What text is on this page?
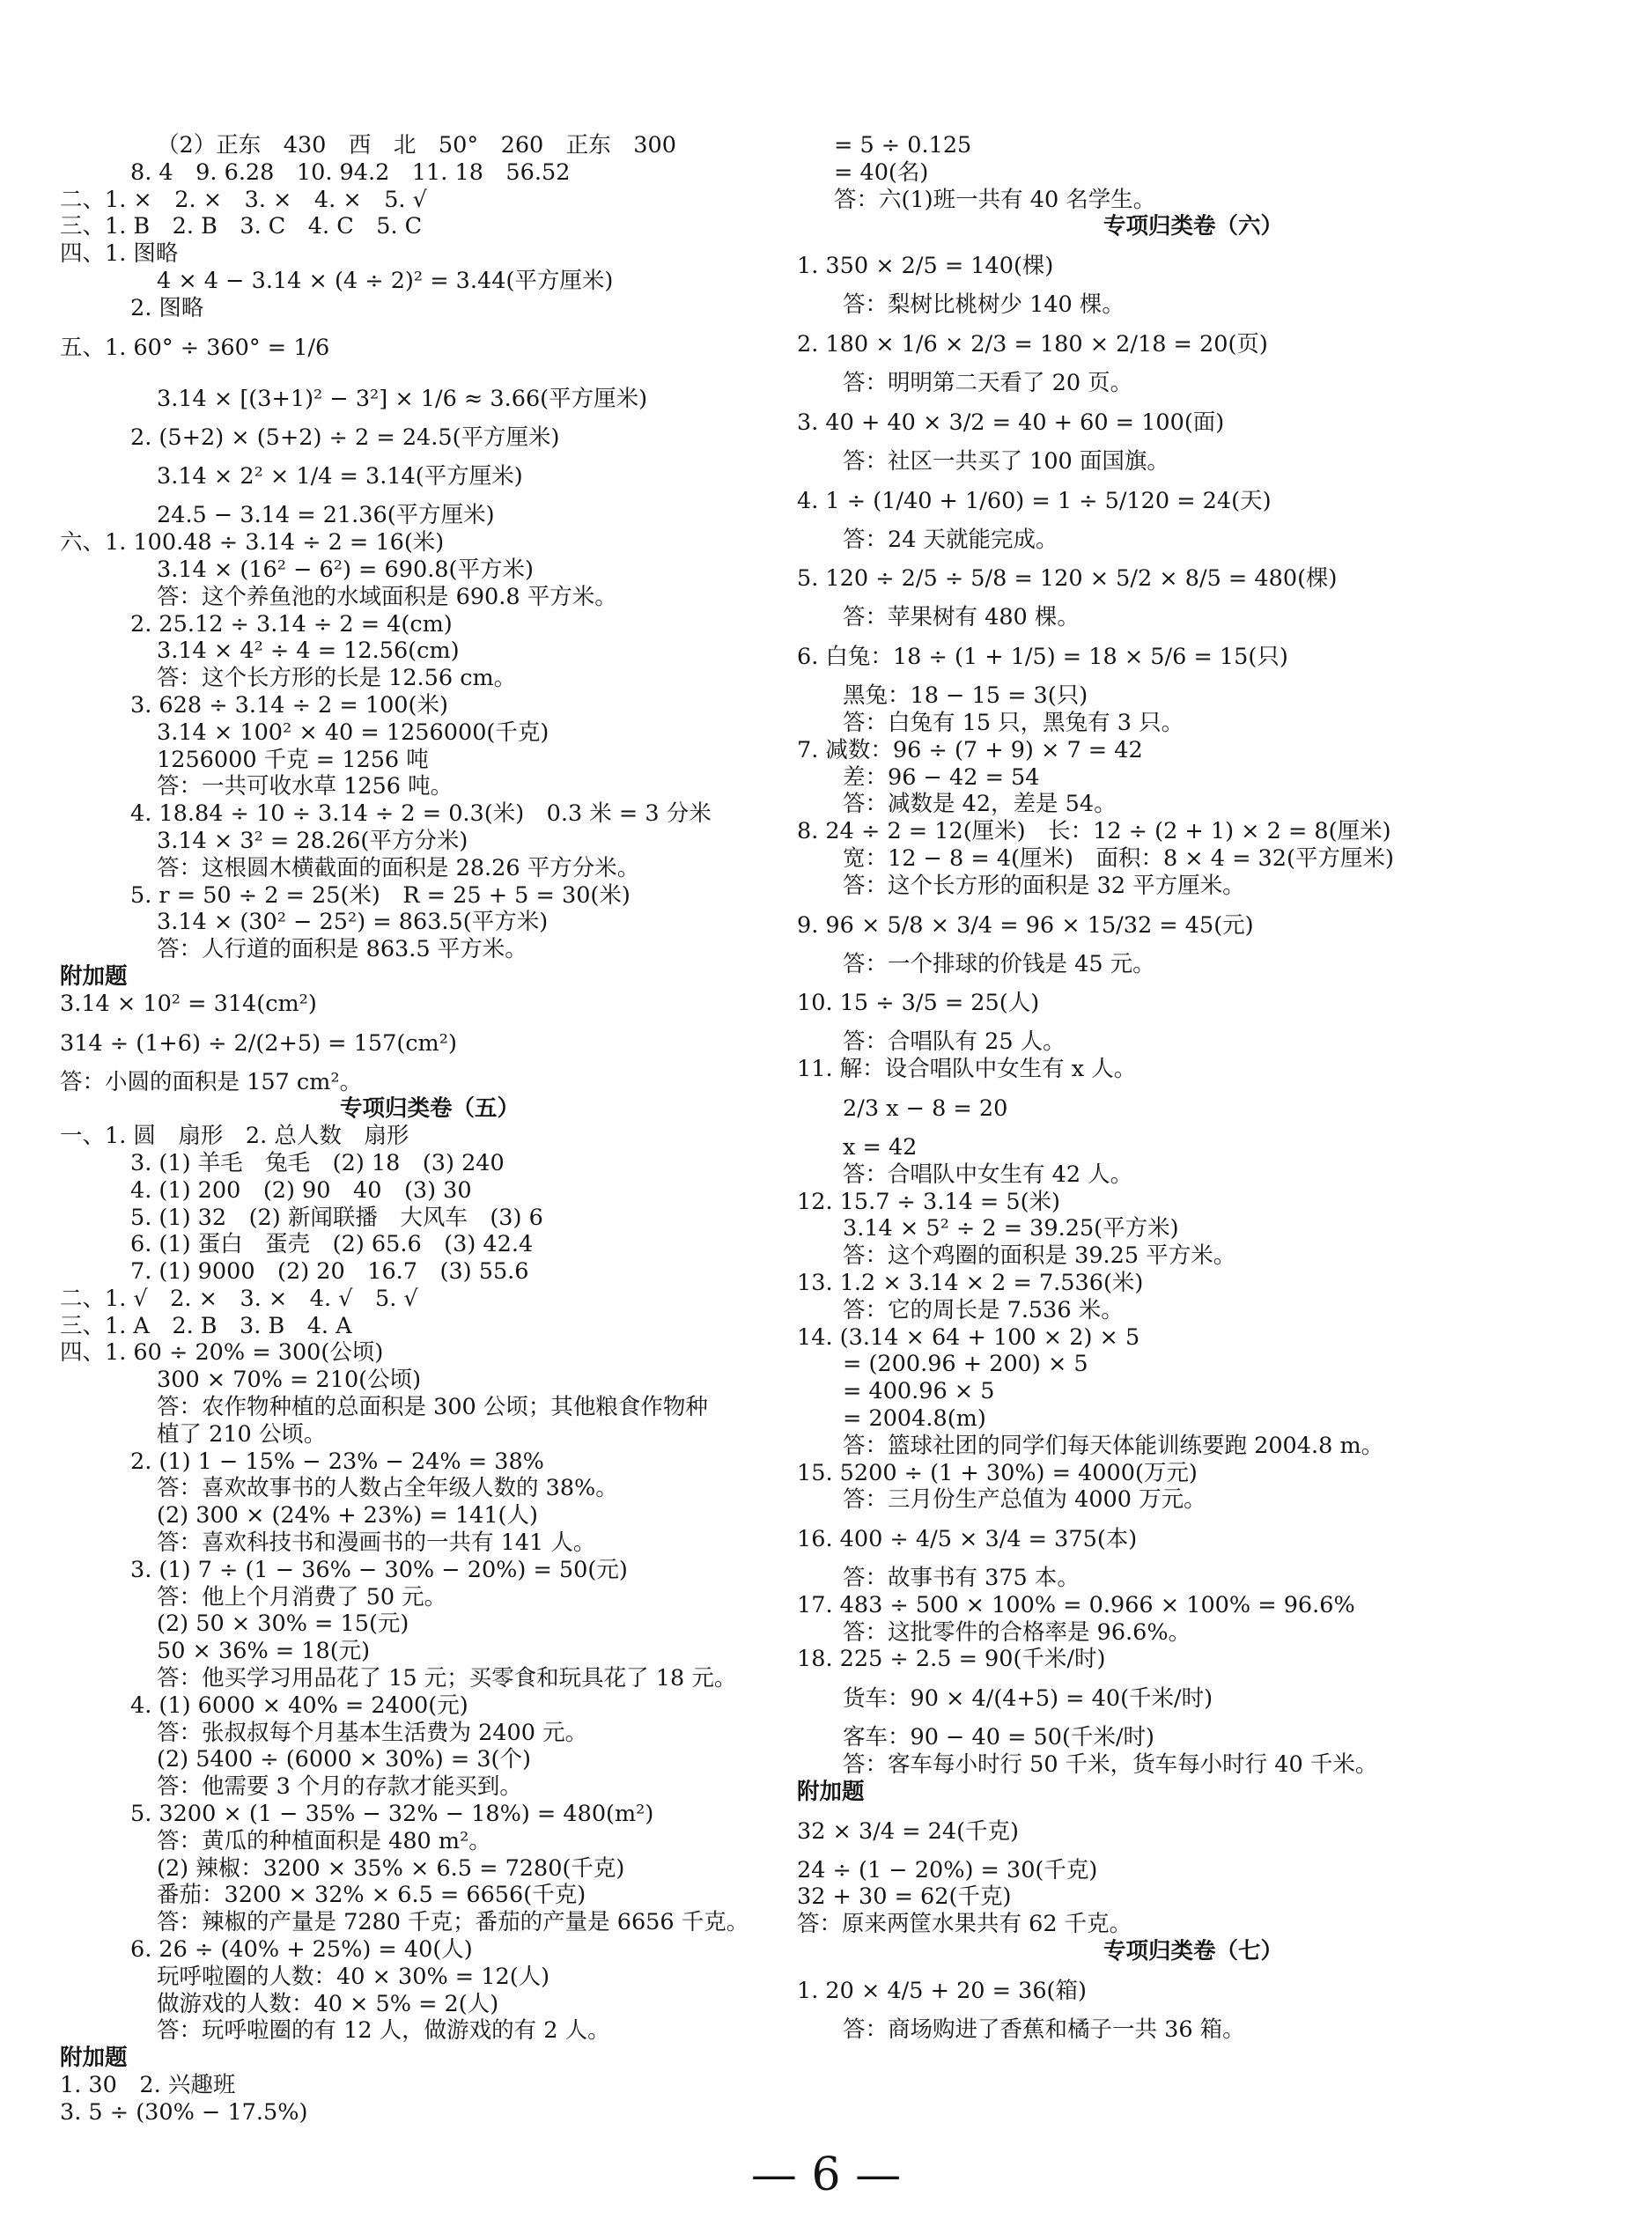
（2）正东　430　西　北　50°　260　正东　300
8. 4　9. 6.28　10. 94.2　11. 18　56.52
二、1. ×　2. ×　3. ×　4. ×　5. √
三、1. B　2. B　3. C　4. C　5. C
四、1. 图略
4 × 4 − 3.14 × (4 ÷ 2)² = 3.44(平方厘米)
2. 图略
五、1. 60° ÷ 360° = 1/6
3.14 × [(3+1)² − 3²] × 1/6 ≈ 3.66(平方厘米)
2. (5+2) × (5+2) ÷ 2 = 24.5(平方厘米)
3.14 × 2² × 1/4 = 3.14(平方厘米)
24.5 − 3.14 = 21.36(平方厘米)
六、1. 100.48 ÷ 3.14 ÷ 2 = 16(米)
3.14 × (16² − 6²) = 690.8(平方米)
答：这个养鱼池的水域面积是 690.8 平方米。
2. 25.12 ÷ 3.14 ÷ 2 = 4(cm)
3.14 × 4² ÷ 4 = 12.56(cm)
答：这个长方形的长是 12.56 cm。
3. 628 ÷ 3.14 ÷ 2 = 100(米)
3.14 × 100² × 40 = 1256000(千克)
1256000 千克 = 1256 吨
答：一共可收水草 1256 吨。
4. 18.84 ÷ 10 ÷ 3.14 ÷ 2 = 0.3(米)　0.3 米 = 3 分米
3.14 × 3² = 28.26(平方分米)
答：这根圆木横截面的面积是 28.26 平方分米。
5. r = 50 ÷ 2 = 25(米)　R = 25 + 5 = 30(米)
3.14 × (30² − 25²) = 863.5(平方米)
答：人行道的面积是 863.5 平方米。
附加题
3.14 × 10² = 314(cm²)
314 ÷ (1+6) ÷ 2/(2+5) = 157(cm²)
答：小圆的面积是 157 cm²。
专项归类卷（五）
一、1. 圆　扇形　2. 总人数　扇形
3. (1) 羊毛　兔毛　(2) 18　(3) 240
4. (1) 200　(2) 90　40　(3) 30
5. (1) 32　(2) 新闻联播　大风车　(3) 6
6. (1) 蛋白　蛋壳　(2) 65.6　(3) 42.4
7. (1) 9000　(2) 20　16.7　(3) 55.6
二、1. √　2. ×　3. ×　4. √　5. √
三、1. A　2. B　3. B　4. A
四、1. 60 ÷ 20% = 300(公顷)
300 × 70% = 210(公顷)
答：农作物种植的总面积是 300 公顷；其他粮食作物种
植了 210 公顷。
2. (1) 1 − 15% − 23% − 24% = 38%
答：喜欢故事书的人数占全年级人数的 38%。
(2) 300 × (24% + 23%) = 141(人)
答：喜欢科技书和漫画书的一共有 141 人。
3. (1) 7 ÷ (1 − 36% − 30% − 20%) = 50(元)
答：他上个月消费了 50 元。
(2) 50 × 30% = 15(元)
50 × 36% = 18(元)
答：他买学习用品花了 15 元；买零食和玩具花了 18 元。
4. (1) 6000 × 40% = 2400(元)
答：张叔叔每个月基本生活费为 2400 元。
(2) 5400 ÷ (6000 × 30%) = 3(个)
答：他需要 3 个月的存款才能买到。
5. 3200 × (1 − 35% − 32% − 18%) = 480(m²)
答：黄瓜的种植面积是 480 m²。
(2) 辣椒：3200 × 35% × 6.5 = 7280(千克)
番茄：3200 × 32% × 6.5 = 6656(千克)
答：辣椒的产量是 7280 千克；番茄的产量是 6656 千克。
6. 26 ÷ (40% + 25%) = 40(人)
玩呼啦圈的人数：40 × 30% = 12(人)
做游戏的人数：40 × 5% = 2(人)
答：玩呼啦圈的有 12 人，做游戏的有 2 人。
附加题
1. 30　2. 兴趣班
3. 5 ÷ (30% − 17.5%)
= 5 ÷ 0.125
= 40(名)
答：六(1)班一共有 40 名学生。
专项归类卷（六）
1. 350 × 2/5 = 140(棵)
答：梨树比桃树少 140 棵。
2. 180 × 1/6 × 2/3 = 180 × 2/18 = 20(页)
答：明明第二天看了 20 页。
3. 40 + 40 × 3/2 = 40 + 60 = 100(面)
答：社区一共买了 100 面国旗。
4. 1 ÷ (1/40 + 1/60) = 1 ÷ 5/120 = 24(天)
答：24 天就能完成。
5. 120 ÷ 2/5 ÷ 5/8 = 120 × 5/2 × 8/5 = 480(棵)
答：苹果树有 480 棵。
6. 白兔：18 ÷ (1 + 1/5) = 18 × 5/6 = 15(只)
黑兔：18 − 15 = 3(只)
答：白兔有 15 只，黑兔有 3 只。
7. 减数：96 ÷ (7 + 9) × 7 = 42
差：96 − 42 = 54
答：减数是 42，差是 54。
8. 24 ÷ 2 = 12(厘米)　长：12 ÷ (2 + 1) × 2 = 8(厘米)
宽：12 − 8 = 4(厘米)　面积：8 × 4 = 32(平方厘米)
答：这个长方形的面积是 32 平方厘米。
9. 96 × 5/8 × 3/4 = 96 × 15/32 = 45(元)
答：一个排球的价钱是 45 元。
10. 15 ÷ 3/5 = 25(人)
答：合唱队有 25 人。
11. 解：设合唱队中女生有 x 人。
2/3 x − 8 = 20
x = 42
答：合唱队中女生有 42 人。
12. 15.7 ÷ 3.14 = 5(米)
3.14 × 5² ÷ 2 = 39.25(平方米)
答：这个鸡圈的面积是 39.25 平方米。
13. 1.2 × 3.14 × 2 = 7.536(米)
答：它的周长是 7.536 米。
14. (3.14 × 64 + 100 × 2) × 5
= (200.96 + 200) × 5
= 400.96 × 5
= 2004.8(m)
答：篮球社团的同学们每天体能训练要跑 2004.8 m。
15. 5200 ÷ (1 + 30%) = 4000(万元)
答：三月份生产总值为 4000 万元。
16. 400 ÷ 4/5 × 3/4 = 375(本)
答：故事书有 375 本。
17. 483 ÷ 500 × 100% = 0.966 × 100% = 96.6%
答：这批零件的合格率是 96.6%。
18. 225 ÷ 2.5 = 90(千米/时)
货车：90 × 4/(4+5) = 40(千米/时)
客车：90 − 40 = 50(千米/时)
答：客车每小时行 50 千米，货车每小时行 40 千米。
附加题
32 × 3/4 = 24(千克)
24 ÷ (1 − 20%) = 30(千克)
32 + 30 = 62(千克)
答：原来两筐水果共有 62 千克。
专项归类卷（七）
1. 20 × 4/5 + 20 = 36(箱)
答：商场购进了香蕉和橘子一共 36 箱。
— 6 —
